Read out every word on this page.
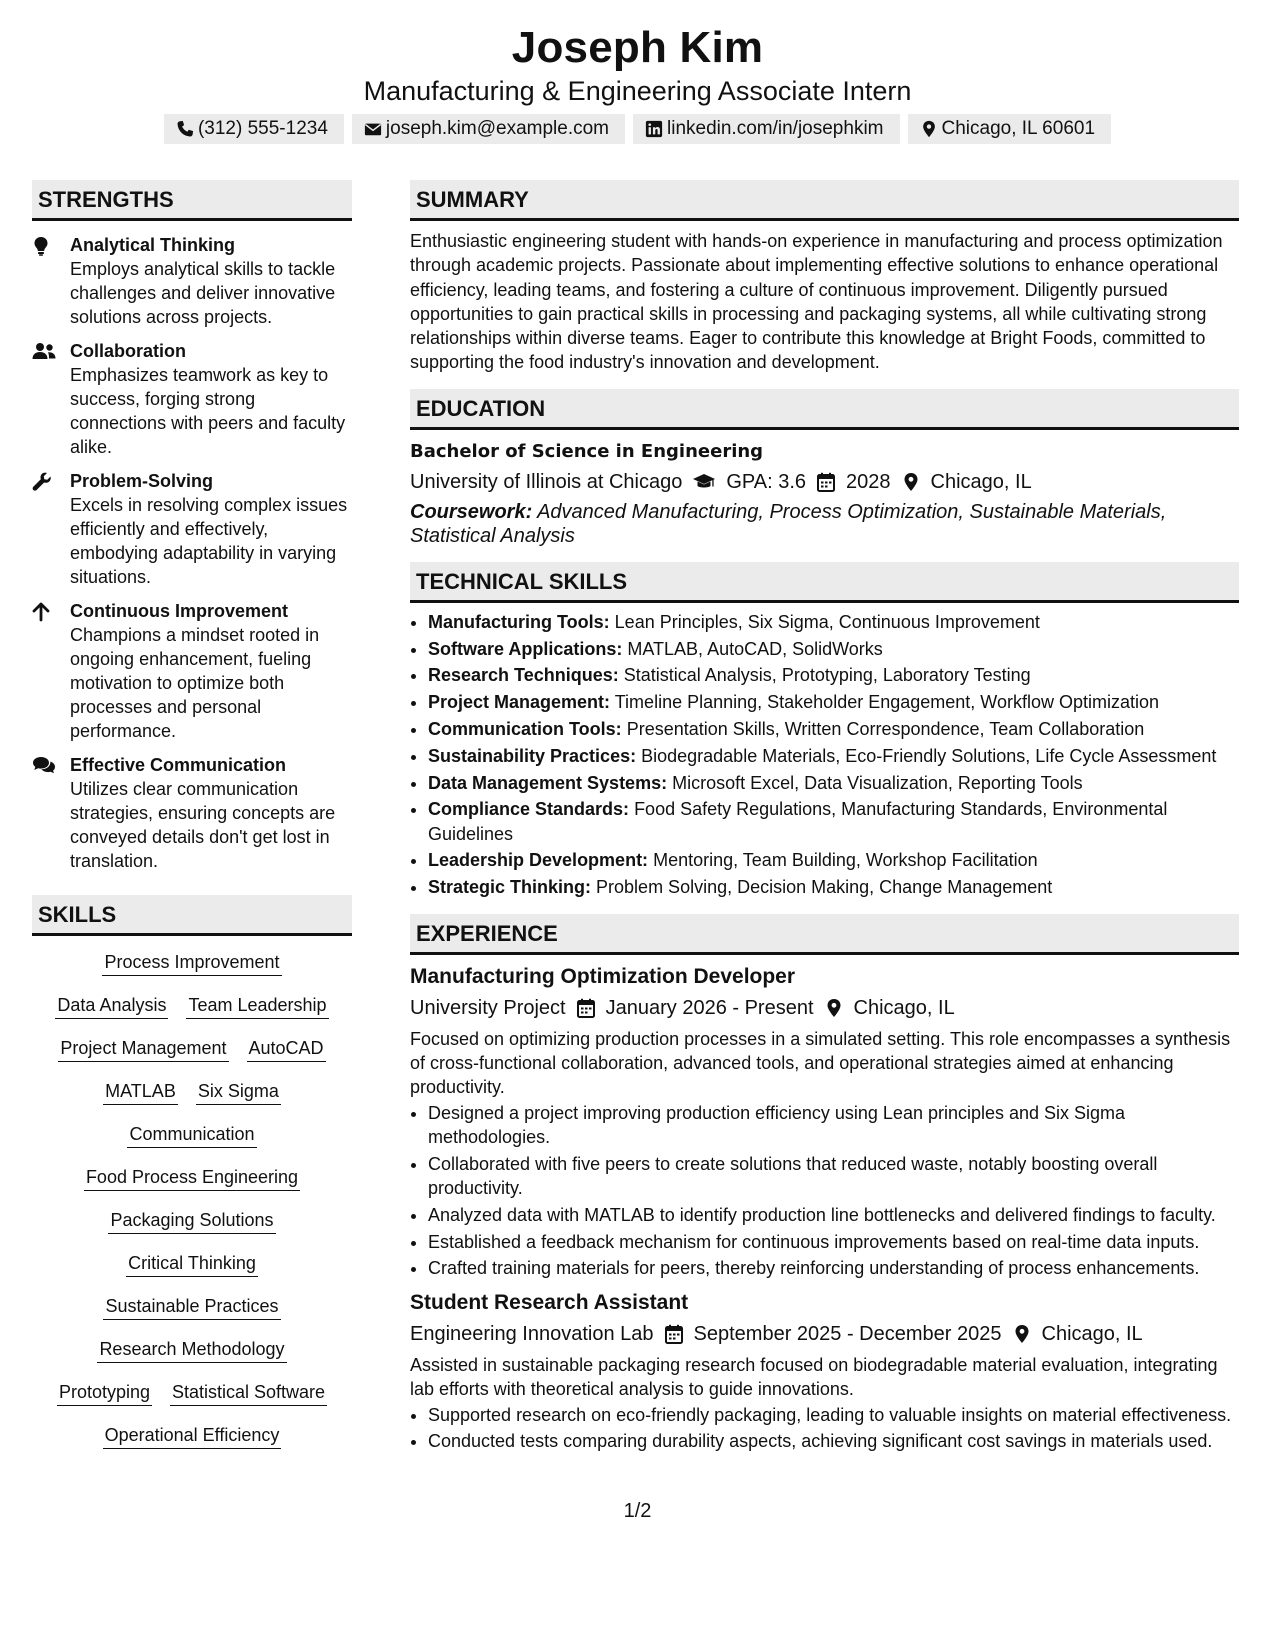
Joseph Kim
Manufacturing & Engineering Associate Intern
(312) 555-1234	joseph.kim@example.com	linkedin.com/in/josephkim	Chicago, IL 60601
STRENGTHS
Analytical Thinking
Employs analytical skills to tackle challenges and deliver innovative solutions across projects.
Collaboration
Emphasizes teamwork as key to success, forging strong connections with peers and faculty alike.
Problem-Solving
Excels in resolving complex issues efficiently and effectively, embodying adaptability in varying situations.
Continuous Improvement
Champions a mindset rooted in ongoing enhancement, fueling motivation to optimize both processes and personal performance.
Effective Communication
Utilizes clear communication strategies, ensuring concepts are conveyed details don't get lost in translation.
SKILLS
Process Improvement
Data Analysis Team Leadership
Project Management AutoCAD
MATLAB Six Sigma
Communication
Food Process Engineering
Packaging Solutions
Critical Thinking
Sustainable Practices
Research Methodology
Prototyping Statistical Software
Operational Efficiency
SUMMARY

Enthusiastic engineering student with hands-on experience in manufacturing and process optimization through academic projects. Passionate about implementing effective solutions to enhance operational efficiency, leading teams, and fostering a culture of continuous improvement. Diligently pursued opportunities to gain practical skills in processing and packaging systems, all while cultivating strong relationships within diverse teams. Eager to contribute this knowledge at Bright Foods, committed to supporting the food industry's innovation and development.

EDUCATION
Bachelor of Science in Engineering
University of Illinois at Chicago GPA: 3.6 2028 Chicago, IL
Coursework: Advanced Manufacturing, Process Optimization, Sustainable Materials, Statistical Analysis
TECHNICAL SKILLS
• Manufacturing Tools: Lean Principles, Six Sigma, Continuous Improvement
• Software Applications: MATLAB, AutoCAD, SolidWorks
• Research Techniques: Statistical Analysis, Prototyping, Laboratory Testing
• Project Management: Timeline Planning, Stakeholder Engagement, Workflow Optimization
• Communication Tools: Presentation Skills, Written Correspondence, Team Collaboration
• Sustainability Practices: Biodegradable Materials, Eco-Friendly Solutions, Life Cycle Assessment
• Data Management Systems: Microsoft Excel, Data Visualization, Reporting Tools
• Compliance Standards: Food Safety Regulations, Manufacturing Standards, Environmental Guidelines
• Leadership Development: Mentoring, Team Building, Workshop Facilitation
• Strategic Thinking: Problem Solving, Decision Making, Change Management
EXPERIENCE
Manufacturing Optimization Developer
University Project January 2026 - Present Chicago, IL
Focused on optimizing production processes in a simulated setting. This role encompasses a synthesis of cross-functional collaboration, advanced tools, and operational strategies aimed at enhancing productivity.
• Designed a project improving production efficiency using Lean principles and Six Sigma methodologies.
• Collaborated with five peers to create solutions that reduced waste, notably boosting overall productivity.
• Analyzed data with MATLAB to identify production line bottlenecks and delivered findings to faculty.
• Established a feedback mechanism for continuous improvements based on real-time data inputs.
• Crafted training materials for peers, thereby reinforcing understanding of process enhancements.
Student Research Assistant
Engineering Innovation Lab September 2025 - December 2025 Chicago, IL
Assisted in sustainable packaging research focused on biodegradable material evaluation, integrating lab efforts with theoretical analysis to guide innovations.
• Supported research on eco-friendly packaging, leading to valuable insights on material effectiveness.
• Conducted tests comparing durability aspects, achieving significant cost savings in materials used.
1/2
